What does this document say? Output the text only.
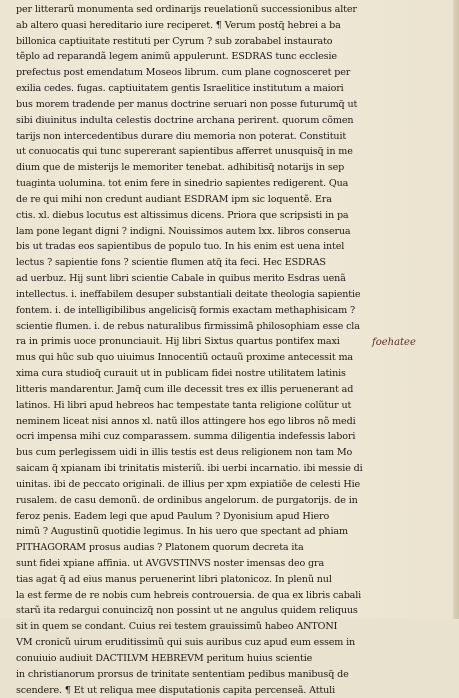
per litterarũ monumenta sed ordinarijs reuelationũ successionibus alter
ab altero quasi hereditario iure reciperet. ¶ Verum postq̃ hebrei a ba
billonica captiuitate restituti per Cyrum ? sub zorababel instaurato
tẽplo ad reparandã legem animũ appulerunt. ESDRAS tunc ecclesie
prefectus post emendatum Moseos librum. cum plane cognosceret per
exilia cedes. fugas. captiuitatem gentis Israelitice institutum a maiori
bus morem tradende per manus doctrine seruari non posse futurumq̃ ut
sibi diuinitus indulta celestis doctrine archana perirent. quorum cõmen
tarijs non intercedentibus durare diu memoria non poterat. Constituit
ut conuocatis qui tunc supererant sapientibus afferret unusquisq̃ in me
dium que de misterijs le memoriter tenebat. adhibitisq̃ notarijs in sep
tuaginta uolumina. tot enim fere in sinedrio sapientes redigerent. Qua
de re qui mihi non credunt audiant ESDRAM ipm sic loquentẽ. Era
ctis. xl. diebus locutus est altissimus dicens. Priora que scripsisti in pa
lam pone legant digni ? indigni. Nouissimos autem lxx. libros conserua
bis ut tradas eos sapientibus de populo tuo. In his enim est uena intel
lectus ? sapientie fons ? scientie flumen atq̃ ita feci. Hec ESDRAS
ad uerbuz. Hij sunt libri scientie Cabale in quibus merito Esdras uenã
intellectus. i. ineffabilem desuper substantiali deitate theologia sapientie
fontem. i. de intelligibilibus angelicisq̃ formis exactam methaphisicam ?
scientie flumen. i. de rebus naturalibus firmissimã philosophiam esse cla
ra in primis uoce pronunciauit. Hij libri Sixtus quartus pontifex maxi
mus qui hũc sub quo uiuimus Innocentiũ octauũ proxime antecessit ma
xima cura studioq̃ curauit ut in publicam fidei nostre utilitatem latinis
litteris mandarentur. Jamq̃ cum ille decessit tres ex illis peruenerant ad
latinos. Hi libri apud hebreos hac tempestate tanta religione colũtur ut
neminem liceat nisi annos xl. natũ illos attingere hos ego libros nõ medi
ocri impensa mihi cuz comparassem. summa diligentia indefessis labori
bus cum perlegissem uidi in illis testis est deus religionem non tam Mo
saicam q̃ xpianam ibi trinitatis misteriũ. ibi uerbi incarnatio. ibi messie di
uinitas. ibi de peccato originali. de illius per xpm expiatiõe de celesti Hie
rusalem. de casu demonũ. de ordinibus angelorum. de purgatorijs. de in
feroz penis. Eadem legi que apud Paulum ? Dyonisium apud Hiero
nimũ ? Augustinũ quotidie legimus. In his uero que spectant ad phiam
PITHAGORAM prosus audias ? Platonem quorum decreta ita
sunt fidei xpiane affinia. ut AVGVSTINVS noster imensas deo gra
tias agat q̃ ad eius manus peruenerint libri platonicoz. In plenũ nul
la est ferme de re nobis cum hebreis controuersia. de qua ex libris cabali
starũ ita redargui conuincizq̃ non possint ut ne angulus quidem reliquus
sit in quem se condant. Cuius rei testem grauissimũ habeo ANTONI
VM cronicũ uirum eruditissimũ qui suis auribus cuz apud eum essem in
conuiuio audiuit DACTILVM HEBREVM peritum huius scientie
in christianorum prorsus de trinitate sententiam pedibus manibusq̃ de
scendere. ¶ Et ut reliqua mee disputationis capita percenseã. Attuli
foehatee
